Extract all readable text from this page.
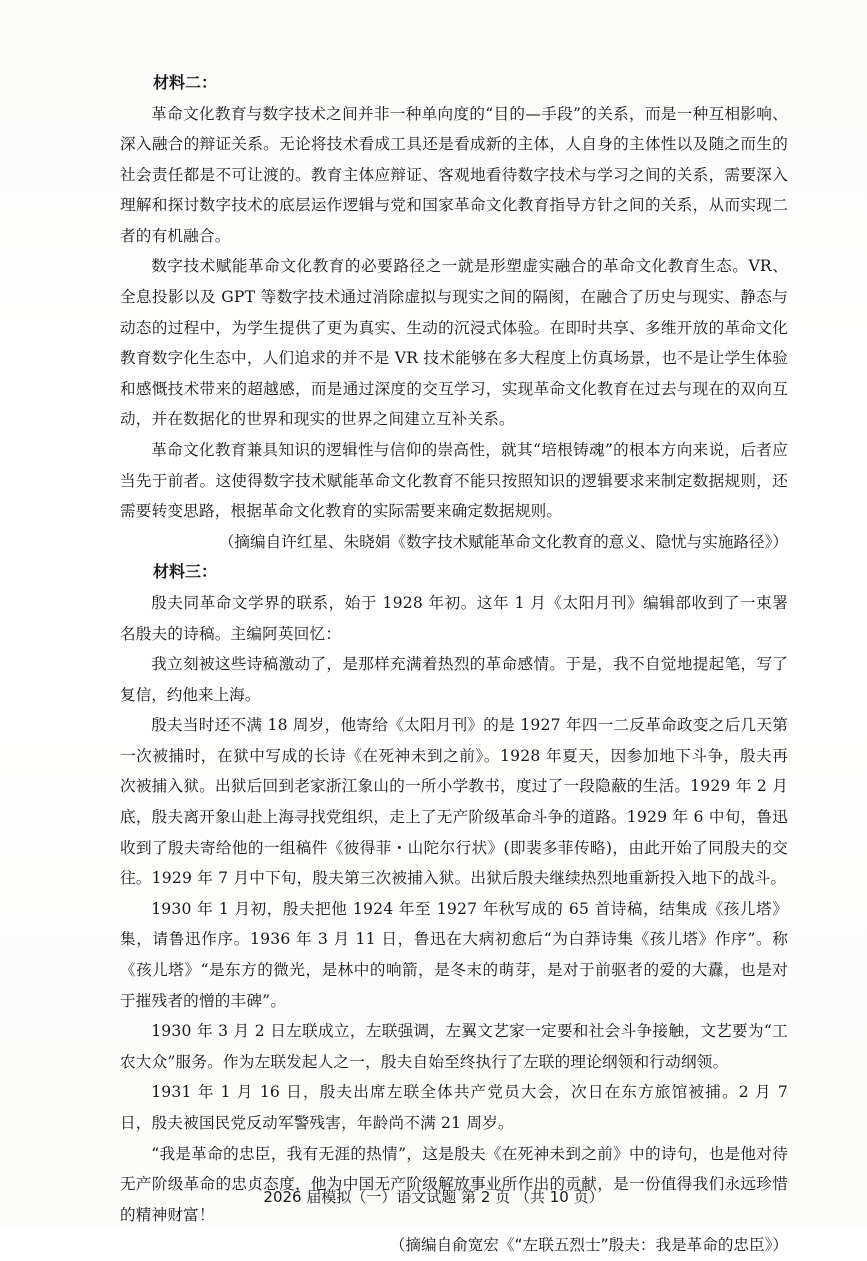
材料二：

革命文化教育与数字技术之间并非一种单向度的“目的—手段”的关系，而是一种互相影响、深入融合的辩证关系。无论将技术看成工具还是看成新的主体，人自身的主体性以及随之而生的社会责任都是不可让渡的。教育主体应辩证、客观地看待数字技术与学习之间的关系，需要深入理解和探讨数字技术的底层运作逻辑与党和国家革命文化教育指导方针之间的关系，从而实现二者的有机融合。

数字技术赋能革命文化教育的必要路径之一就是形塑虚实融合的革命文化教育生态。VR、全息投影以及 GPT 等数字技术通过消除虚拟与现实之间的隔阂，在融合了历史与现实、静态与动态的过程中，为学生提供了更为真实、生动的沉浸式体验。在即时共享、多维开放的革命文化教育数字化生态中，人们追求的并不是 VR 技术能够在多大程度上仿真场景，也不是让学生体验和感慨技术带来的超越感，而是通过深度的交互学习，实现革命文化教育在过去与现在的双向互动，并在数据化的世界和现实的世界之间建立互补关系。

革命文化教育兼具知识的逻辑性与信仰的崇高性，就其“培根铸魂”的根本方向来说，后者应当先于前者。这使得数字技术赋能革命文化教育不能只按照知识的逻辑要求来制定数据规则，还需要转变思路，根据革命文化教育的实际需要来确定数据规则。

（摘编自许红星、朱晓娟《数字技术赋能革命文化教育的意义、隐忧与实施路径》）

材料三：

殷夫同革命文学界的联系，始于 1928 年初。这年 1 月《太阳月刊》编辑部收到了一束署名殷夫的诗稿。主编阿英回忆：

我立刻被这些诗稿激动了，是那样充满着热烈的革命感情。于是，我不自觉地提起笔，写了复信，约他来上海。

殷夫当时还不满 18 周岁，他寄给《太阳月刊》的是 1927 年四一二反革命政变之后几天第一次被捕时，在狱中写成的长诗《在死神未到之前》。1928 年夏天，因参加地下斗争，殷夫再次被捕入狱。出狱后回到老家浙江象山的一所小学教书，度过了一段隐蔽的生活。1929 年 2 月底，殷夫离开象山赴上海寻找党组织，走上了无产阶级革命斗争的道路。1929 年 6 中旬，鲁迅收到了殷夫寄给他的一组稿件《彼得菲・山陀尔行状》(即裴多菲传略)，由此开始了同殷夫的交往。1929 年 7 月中下旬，殷夫第三次被捕入狱。出狱后殷夫继续热烈地重新投入地下的战斗。

1930 年 1 月初，殷夫把他 1924 年至 1927 年秋写成的 65 首诗稿，结集成《孩儿塔》集，请鲁迅作序。1936 年 3 月 11 日，鲁迅在大病初愈后“为白莽诗集《孩儿塔》作序”。称《孩儿塔》“是东方的微光，是林中的响箭，是冬末的萌芽，是对于前驱者的爱的大纛，也是对于摧残者的憎的丰碑”。

1930 年 3 月 2 日左联成立，左联强调，左翼文艺家一定要和社会斗争接触，文艺要为“工农大众”服务。作为左联发起人之一，殷夫自始至终执行了左联的理论纲领和行动纲领。

1931 年 1 月 16 日，殷夫出席左联全体共产党员大会，次日在东方旅馆被捕。2 月 7 日，殷夫被国民党反动军警残害，年龄尚不满 21 周岁。

“我是革命的忠臣，我有无涯的热情”，这是殷夫《在死神未到之前》中的诗句，也是他对待无产阶级革命的忠贞态度，他为中国无产阶级解放事业所作出的贡献，是一份值得我们永远珍惜的精神财富！

（摘编自俞宽宏《“左联五烈士”殷夫：我是革命的忠臣》）

2026 届模拟（一）语文试题 第 2 页 （共 10 页）
